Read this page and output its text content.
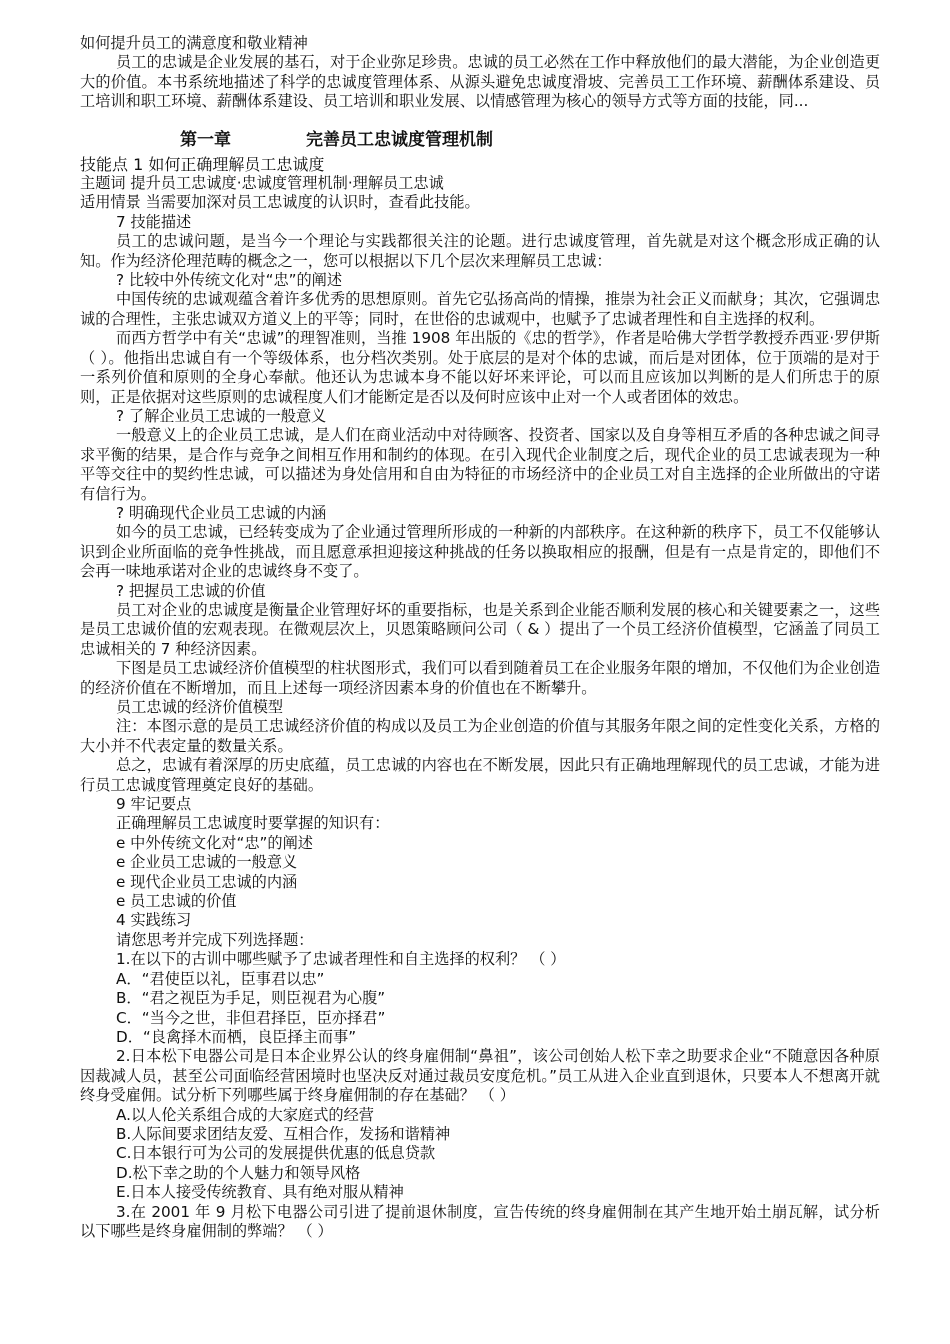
如何提升员工的满意度和敬业精神

员工的忠诚是企业发展的基石，对于企业弥足珍贵。忠诚的员工必然在工作中释放他们的最大潜能，为企业创造更大的价值。本书系统地描述了科学的忠诚度管理体系、从源头避免忠诚度滑坡、完善员工工作环境、薪酬体系建设、员工培训和职工环境、薪酬体系建设、员工培训和职业发展、以情感管理为核心的领导方式等方面的技能，同...

第一章	完善员工忠诚度管理机制

技能点 1 如何正确理解员工忠诚度

主题词 提升员工忠诚度·忠诚度管理机制·理解员工忠诚

适用情景 当需要加深对员工忠诚度的认识时，查看此技能。

7 技能描述

员工的忠诚问题，是当今一个理论与实践都很关注的论题。进行忠诚度管理，首先就是对这个概念形成正确的认知。作为经济伦理范畴的概念之一，您可以根据以下几个层次来理解员工忠诚：

? 比较中外传统文化对“忠”的阐述

中国传统的忠诚观蕴含着许多优秀的思想原则。首先它弘扬高尚的情操，推崇为社会正义而献身；其次，它强调忠诚的合理性，主张忠诚双方道义上的平等；同时，在世俗的忠诚观中，也赋予了忠诚者理性和自主选择的权利。

而西方哲学中有关“忠诚”的理智准则，当推 1908 年出版的《忠的哲学》，作者是哈佛大学哲学教授乔西亚·罗伊斯（ ）。他指出忠诚自有一个等级体系，也分档次类别。处于底层的是对个体的忠诚，而后是对团体，位于顶端的是对于一系列价值和原则的全身心奉献。他还认为忠诚本身不能以好坏来评论，可以而且应该加以判断的是人们所忠于的原则，正是依据对这些原则的忠诚程度人们才能断定是否以及何时应该中止对一个人或者团体的效忠。

? 了解企业员工忠诚的一般意义

一般意义上的企业员工忠诚，是人们在商业活动中对待顾客、投资者、国家以及自身等相互矛盾的各种忠诚之间寻求平衡的结果，是合作与竞争之间相互作用和制约的体现。在引入现代企业制度之后，现代企业的员工忠诚表现为一种平等交往中的契约性忠诚，可以描述为身处信用和自由为特征的市场经济中的企业员工对自主选择的企业所做出的守诺有信行为。

? 明确现代企业员工忠诚的内涵

如今的员工忠诚，已经转变成为了企业通过管理所形成的一种新的内部秩序。在这种新的秩序下，员工不仅能够认识到企业所面临的竞争性挑战，而且愿意承担迎接这种挑战的任务以换取相应的报酬，但是有一点是肯定的，即他们不会再一味地承诺对企业的忠诚终身不变了。

? 把握员工忠诚的价值

员工对企业的忠诚度是衡量企业管理好坏的重要指标，也是关系到企业能否顺利发展的核心和关键要素之一，这些是员工忠诚价值的宏观表现。在微观层次上，贝恩策略顾问公司（ & ）提出了一个员工经济价值模型，它涵盖了同员工忠诚相关的 7 种经济因素。

下图是员工忠诚经济价值模型的柱状图形式，我们可以看到随着员工在企业服务年限的增加，不仅他们为企业创造的经济价值在不断增加，而且上述每一项经济因素本身的价值也在不断攀升。

员工忠诚的经济价值模型

注：本图示意的是员工忠诚经济价值的构成以及员工为企业创造的价值与其服务年限之间的定性变化关系，方格的大小并不代表定量的数量关系。

总之，忠诚有着深厚的历史底蕴，员工忠诚的内容也在不断发展，因此只有正确地理解现代的员工忠诚，才能为进行员工忠诚度管理奠定良好的基础。

9 牢记要点

正确理解员工忠诚度时要掌握的知识有：

e 中外传统文化对“忠”的阐述

e 企业员工忠诚的一般意义

e 现代企业员工忠诚的内涵

e 员工忠诚的价值

4 实践练习

请您思考并完成下列选择题：

1.在以下的古训中哪些赋予了忠诚者理性和自主选择的权利？ （ ）

A．“君使臣以礼，臣事君以忠”

B．“君之视臣为手足，则臣视君为心腹”

C．“当今之世，非但君择臣，臣亦择君”

D．“良禽择木而栖，良臣择主而事”

2.日本松下电器公司是日本企业界公认的终身雇佣制“鼻祖”，该公司创始人松下幸之助要求企业“不随意因各种原因裁减人员，甚至公司面临经营困境时也坚决反对通过裁员安度危机。”员工从进入企业直到退休，只要本人不想离开就终身受雇佣。试分析下列哪些属于终身雇佣制的存在基础？ （ ）

A.以人伦关系组合成的大家庭式的经营

B.人际间要求团结友爱、互相合作，发扬和谐精神

C.日本银行可为公司的发展提供优惠的低息贷款

D.松下幸之助的个人魅力和领导风格

E.日本人接受传统教育、具有绝对服从精神

3.在 2001 年 9 月松下电器公司引进了提前退休制度，宣告传统的终身雇佣制在其产生地开始土崩瓦解，试分析以下哪些是终身雇佣制的弊端？ （ ）
